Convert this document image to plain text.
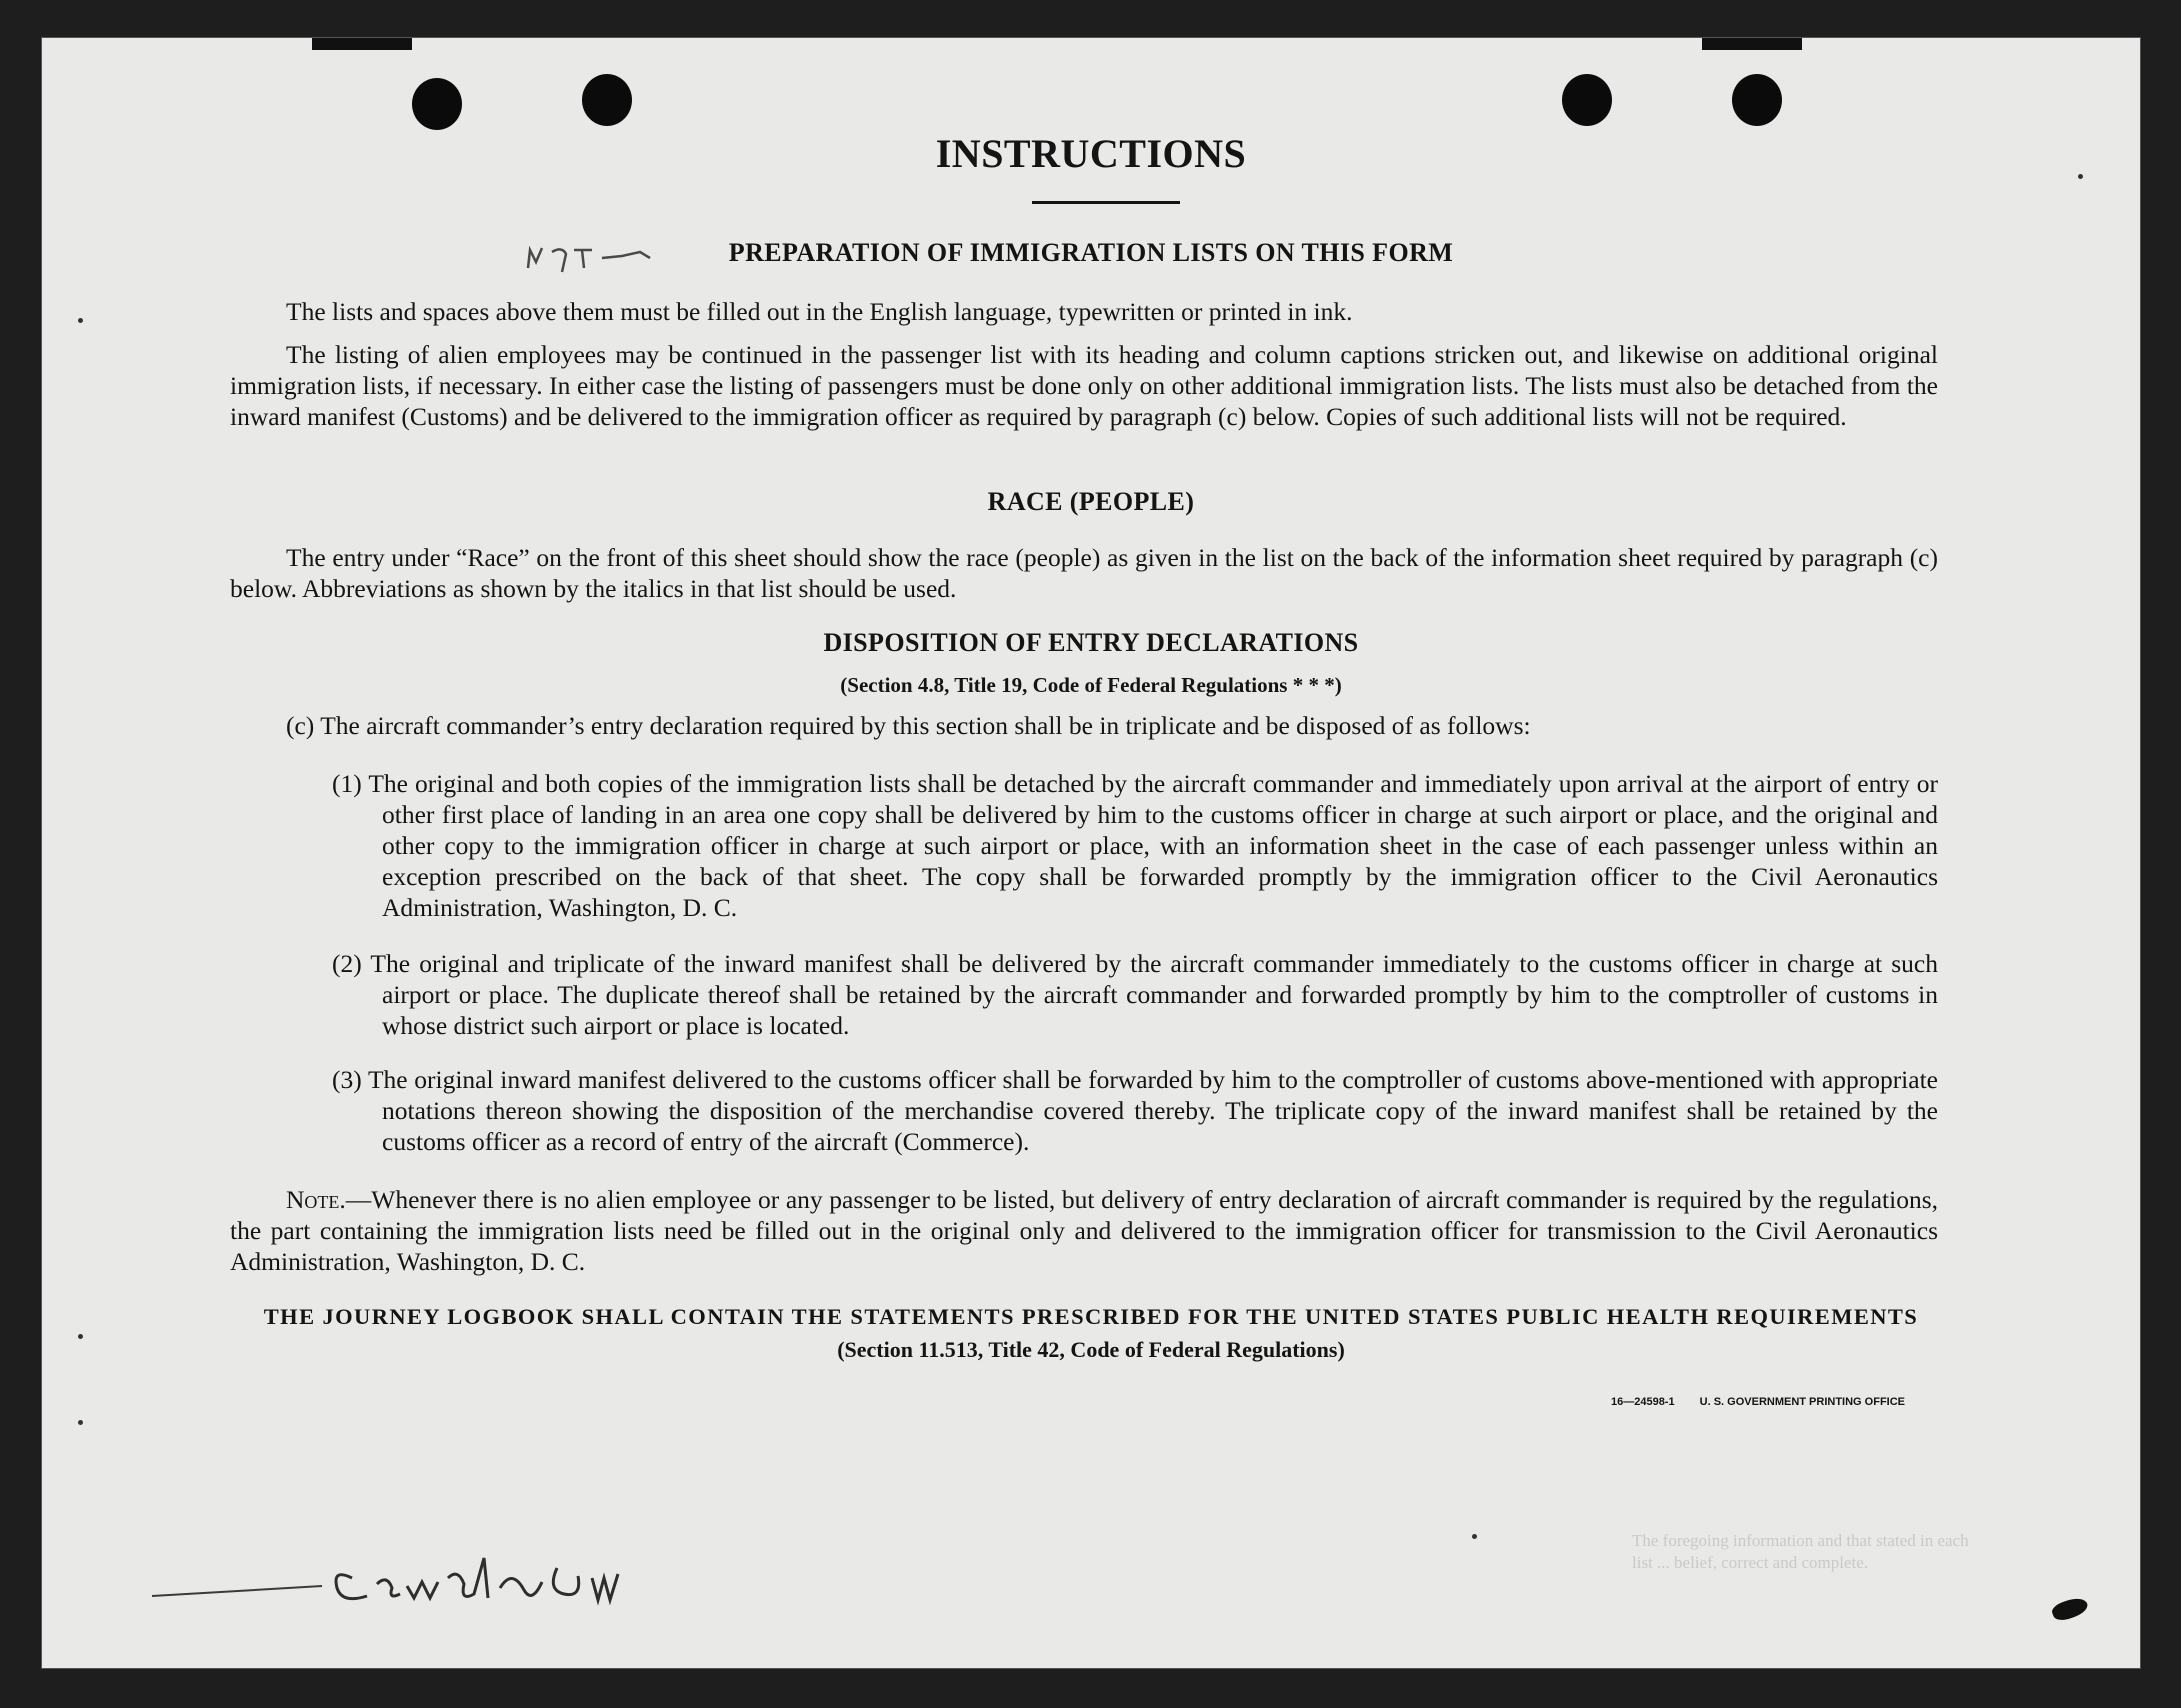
INSTRUCTIONS
PREPARATION OF IMMIGRATION LISTS ON THIS FORM
The lists and spaces above them must be filled out in the English language, typewritten or printed in ink.
The listing of alien employees may be continued in the passenger list with its heading and column captions stricken out, and likewise on additional original immigration lists, if necessary. In either case the listing of passengers must be done only on other additional immigration lists. The lists must also be detached from the inward manifest (Customs) and be delivered to the immigration officer as required by paragraph (c) below. Copies of such additional lists will not be required.
RACE (PEOPLE)
The entry under “Race” on the front of this sheet should show the race (people) as given in the list on the back of the information sheet required by paragraph (c) below. Abbreviations as shown by the italics in that list should be used.
DISPOSITION OF ENTRY DECLARATIONS
(Section 4.8, Title 19, Code of Federal Regulations * * *)
(c) The aircraft commander’s entry declaration required by this section shall be in triplicate and be disposed of as follows:
(1) The original and both copies of the immigration lists shall be detached by the aircraft commander and immediately upon arrival at the airport of entry or other first place of landing in an area one copy shall be delivered by him to the customs officer in charge at such airport or place, and the original and other copy to the immigration officer in charge at such airport or place, with an information sheet in the case of each passenger unless within an exception prescribed on the back of that sheet. The copy shall be forwarded promptly by the immigration officer to the Civil Aeronautics Administration, Washington, D. C.
(2) The original and triplicate of the inward manifest shall be delivered by the aircraft commander immediately to the customs officer in charge at such airport or place. The duplicate thereof shall be retained by the aircraft commander and forwarded promptly by him to the comptroller of customs in whose district such airport or place is located.
(3) The original inward manifest delivered to the customs officer shall be forwarded by him to the comptroller of customs above-mentioned with appropriate notations thereon showing the disposition of the merchandise covered thereby. The triplicate copy of the inward manifest shall be retained by the customs officer as a record of entry of the aircraft (Commerce).
Note.—Whenever there is no alien employee or any passenger to be listed, but delivery of entry declaration of aircraft commander is required by the regulations, the part containing the immigration lists need be filled out in the original only and delivered to the immigration officer for transmission to the Civil Aeronautics Administration, Washington, D. C.
THE JOURNEY LOGBOOK SHALL CONTAIN THE STATEMENTS PRESCRIBED FOR THE UNITED STATES PUBLIC HEALTH REQUIREMENTS
(Section 11.513, Title 42, Code of Federal Regulations)
16—24598-1 U. S. GOVERNMENT PRINTING OFFICE
The foregoing information and that stated in each list ... belief, correct and complete.
